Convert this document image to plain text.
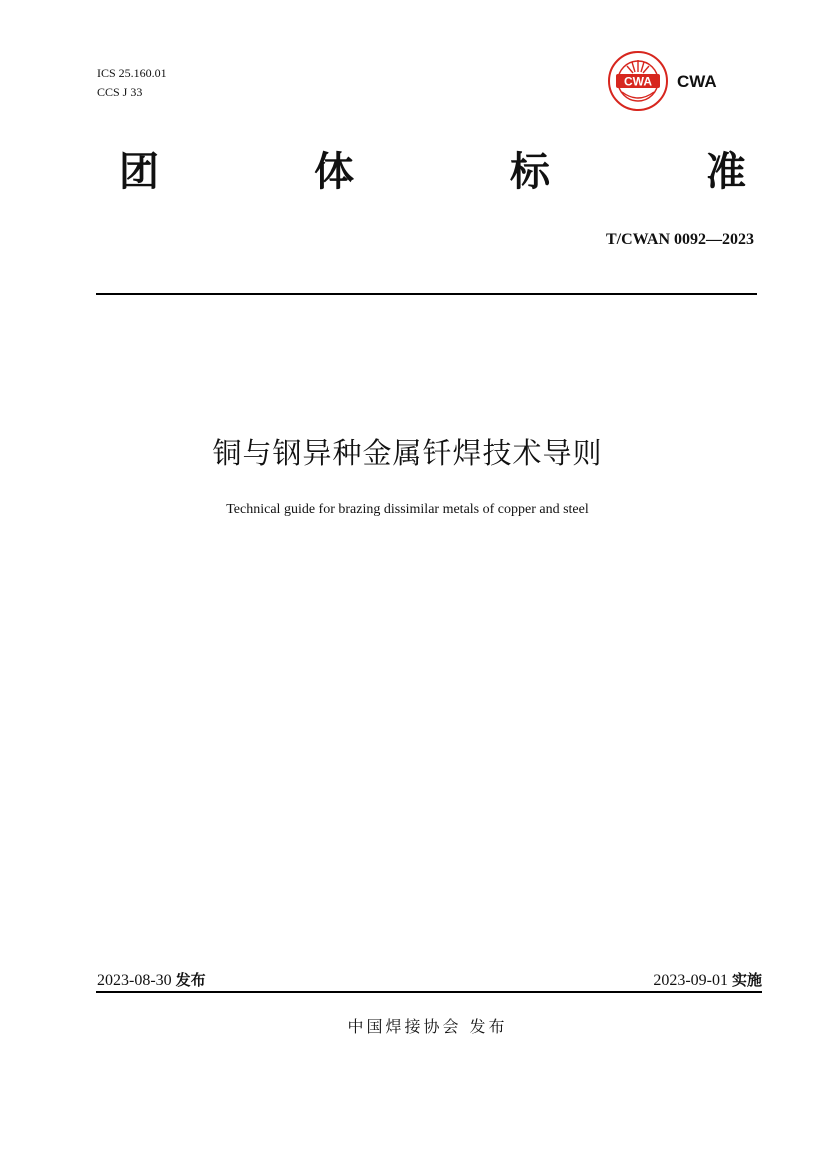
ICS 25.160.01
CCS J 33
CWA CWA
团	体	标	准
T/CWAN 0092—2023
铜与钢异种金属钎焊技术导则
Technical guide for brazing dissimilar metals of copper and steel
2023-08-30 发布	2023-09-01 实施
中国焊接协会 发布
